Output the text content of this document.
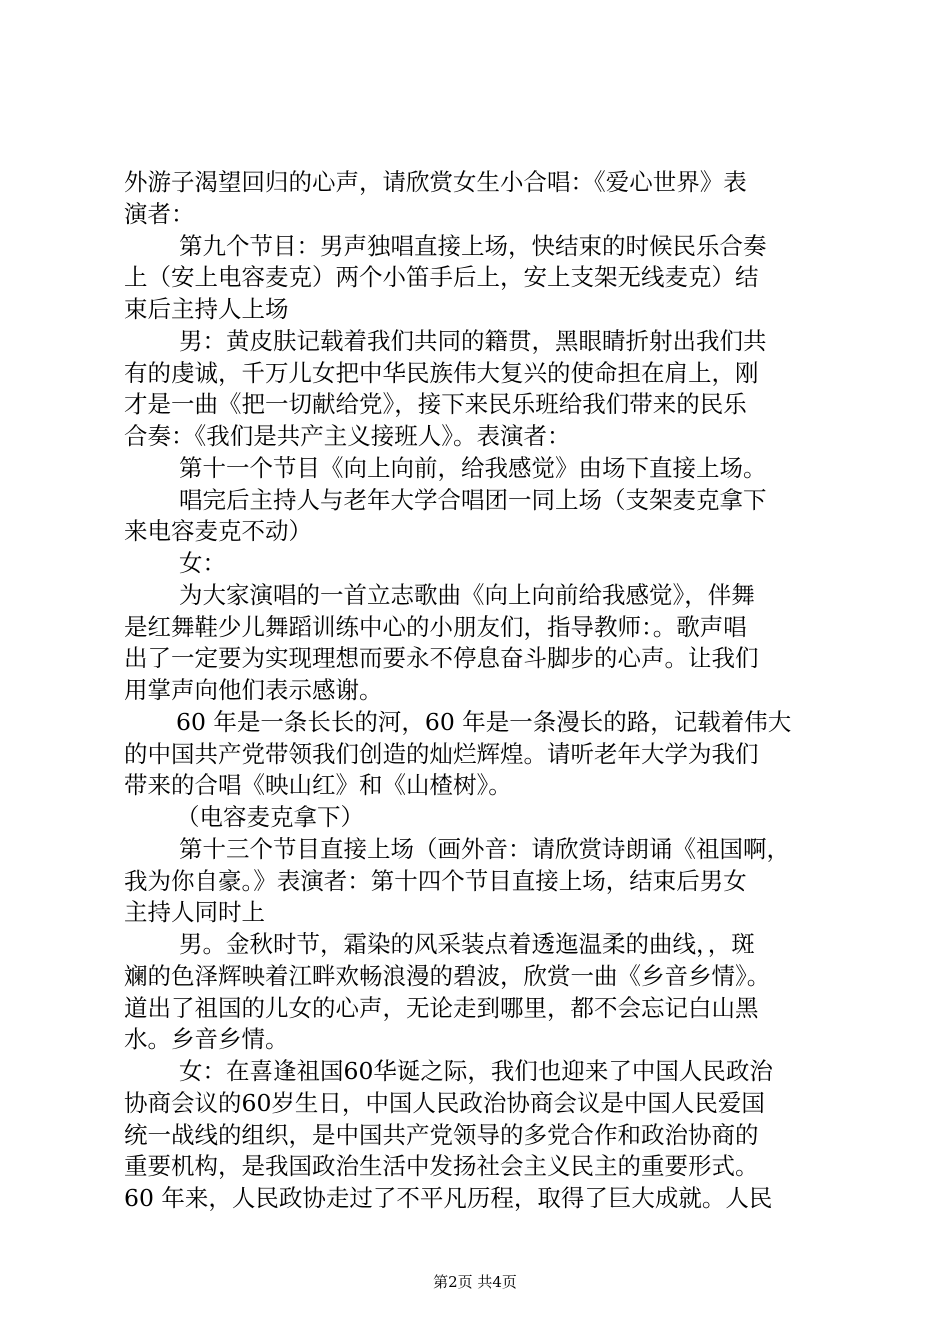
外游子渴望回归的心声，请欣赏女生小合唱：《爱心世界》表
演者：
第九个节目：男声独唱直接上场，快结束的时候民乐合奏
上（安上电容麦克）两个小笛手后上，安上支架无线麦克）结
束后主持人上场
男：黄皮肤记载着我们共同的籍贯，黑眼睛折射出我们共
有的虔诚，千万儿女把中华民族伟大复兴的使命担在肩上，刚
才是一曲《把一切献给党》，接下来民乐班给我们带来的民乐
合奏：《我们是共产主义接班人》。表演者：
第十一个节目《向上向前，给我感觉》由场下直接上场。
唱完后主持人与老年大学合唱团一同上场（支架麦克拿下
来电容麦克不动）
女：
为大家演唱的一首立志歌曲《向上向前给我感觉》，伴舞
是红舞鞋少儿舞蹈训练中心的小朋友们，指导教师：。歌声唱
出了一定要为实现理想而要永不停息奋斗脚步的心声。让我们
用掌声向他们表示感谢。
60 年是一条长长的河，60 年是一条漫长的路，记载着伟大
的中国共产党带领我们创造的灿烂辉煌。请听老年大学为我们
带来的合唱《映山红》和《山楂树》。
（电容麦克拿下）
第十三个节目直接上场（画外音：请欣赏诗朗诵《祖国啊，
我为你自豪。》表演者：第十四个节目直接上场，结束后男女
主持人同时上
男。金秋时节，霜染的风采装点着透迤温柔的曲线，，斑
斓的色泽辉映着江畔欢畅浪漫的碧波，欣赏一曲《乡音乡情》。
道出了祖国的儿女的心声，无论走到哪里，都不会忘记白山黑
水。乡音乡情。
女：在喜逢祖国60华诞之际，我们也迎来了中国人民政治
协商会议的60岁生日，中国人民政治协商会议是中国人民爱国
统一战线的组织，是中国共产党领导的多党合作和政治协商的
重要机构，是我国政治生活中发扬社会主义民主的重要形式。
60 年来，人民政协走过了不平凡历程，取得了巨大成就。人民
第2页 共4页
